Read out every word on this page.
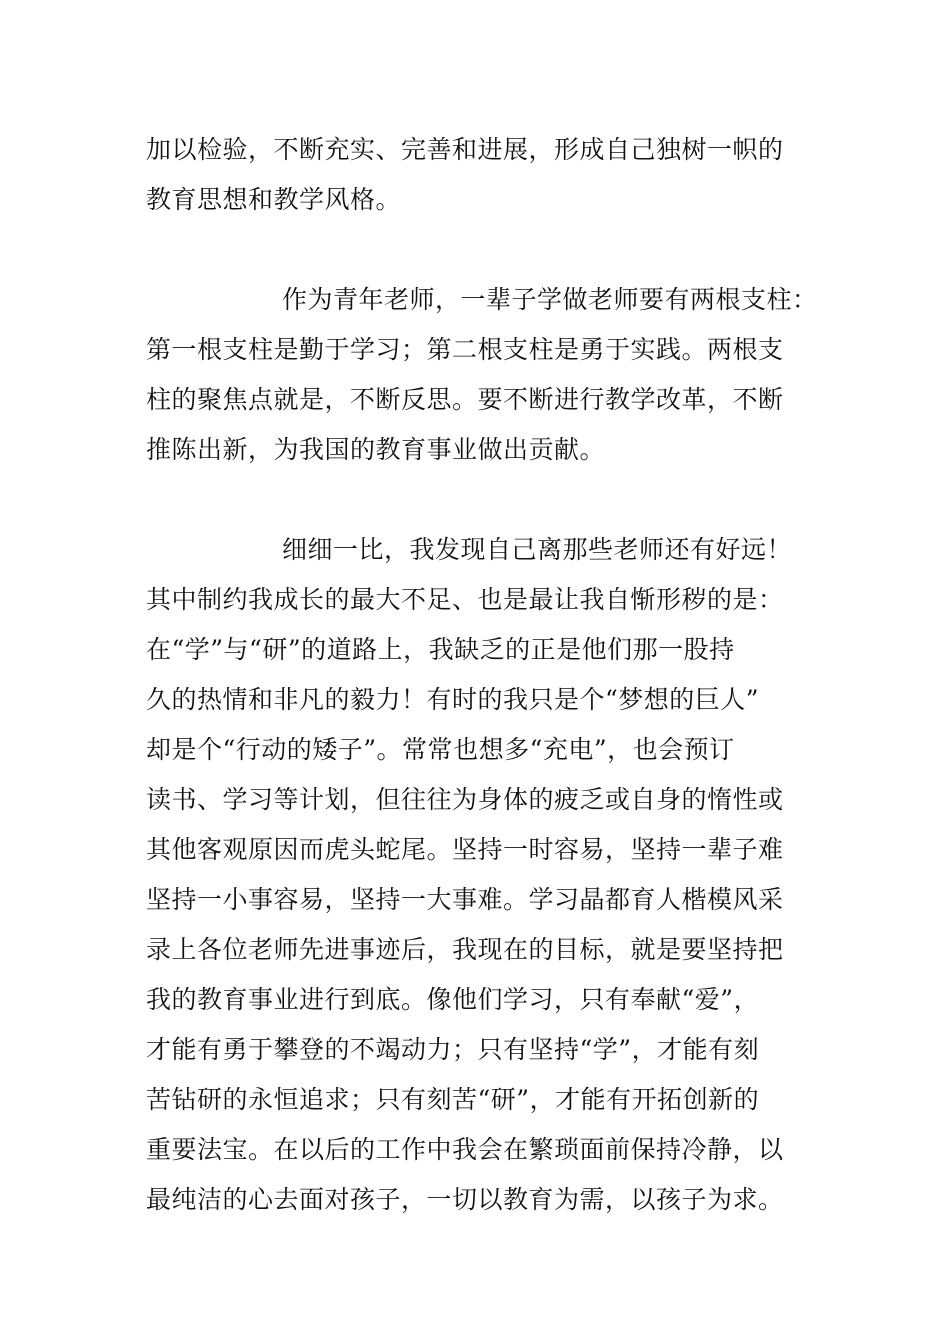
加以检验，不断充实、完善和进展，形成自己独树一帜的
教育思想和教学风格。
作为青年老师，一辈子学做老师要有两根支柱：
第一根支柱是勤于学习；第二根支柱是勇于实践。两根支
柱的聚焦点就是，不断反思。要不断进行教学改革，不断
推陈出新，为我国的教育事业做出贡献。
细细一比，我发现自己离那些老师还有好远！
其中制约我成长的最大不足、也是最让我自惭形秽的是：
在“学”与“研”的道路上，我缺乏的正是他们那一股持
久的热情和非凡的毅力！有时的我只是个“梦想的巨人”
却是个“行动的矮子”。常常也想多“充电”，也会预订
读书、学习等计划，但往往为身体的疲乏或自身的惰性或
其他客观原因而虎头蛇尾。坚持一时容易，坚持一辈子难
坚持一小事容易，坚持一大事难。学习晶都育人楷模风采
录上各位老师先进事迹后，我现在的目标，就是要坚持把
我的教育事业进行到底。像他们学习，只有奉献“爱”，
才能有勇于攀登的不竭动力；只有坚持“学”，才能有刻
苦钻研的永恒追求；只有刻苦“研”，才能有开拓创新的
重要法宝。在以后的工作中我会在繁琐面前保持冷静，以
最纯洁的心去面对孩子，一切以教育为需，以孩子为求。
